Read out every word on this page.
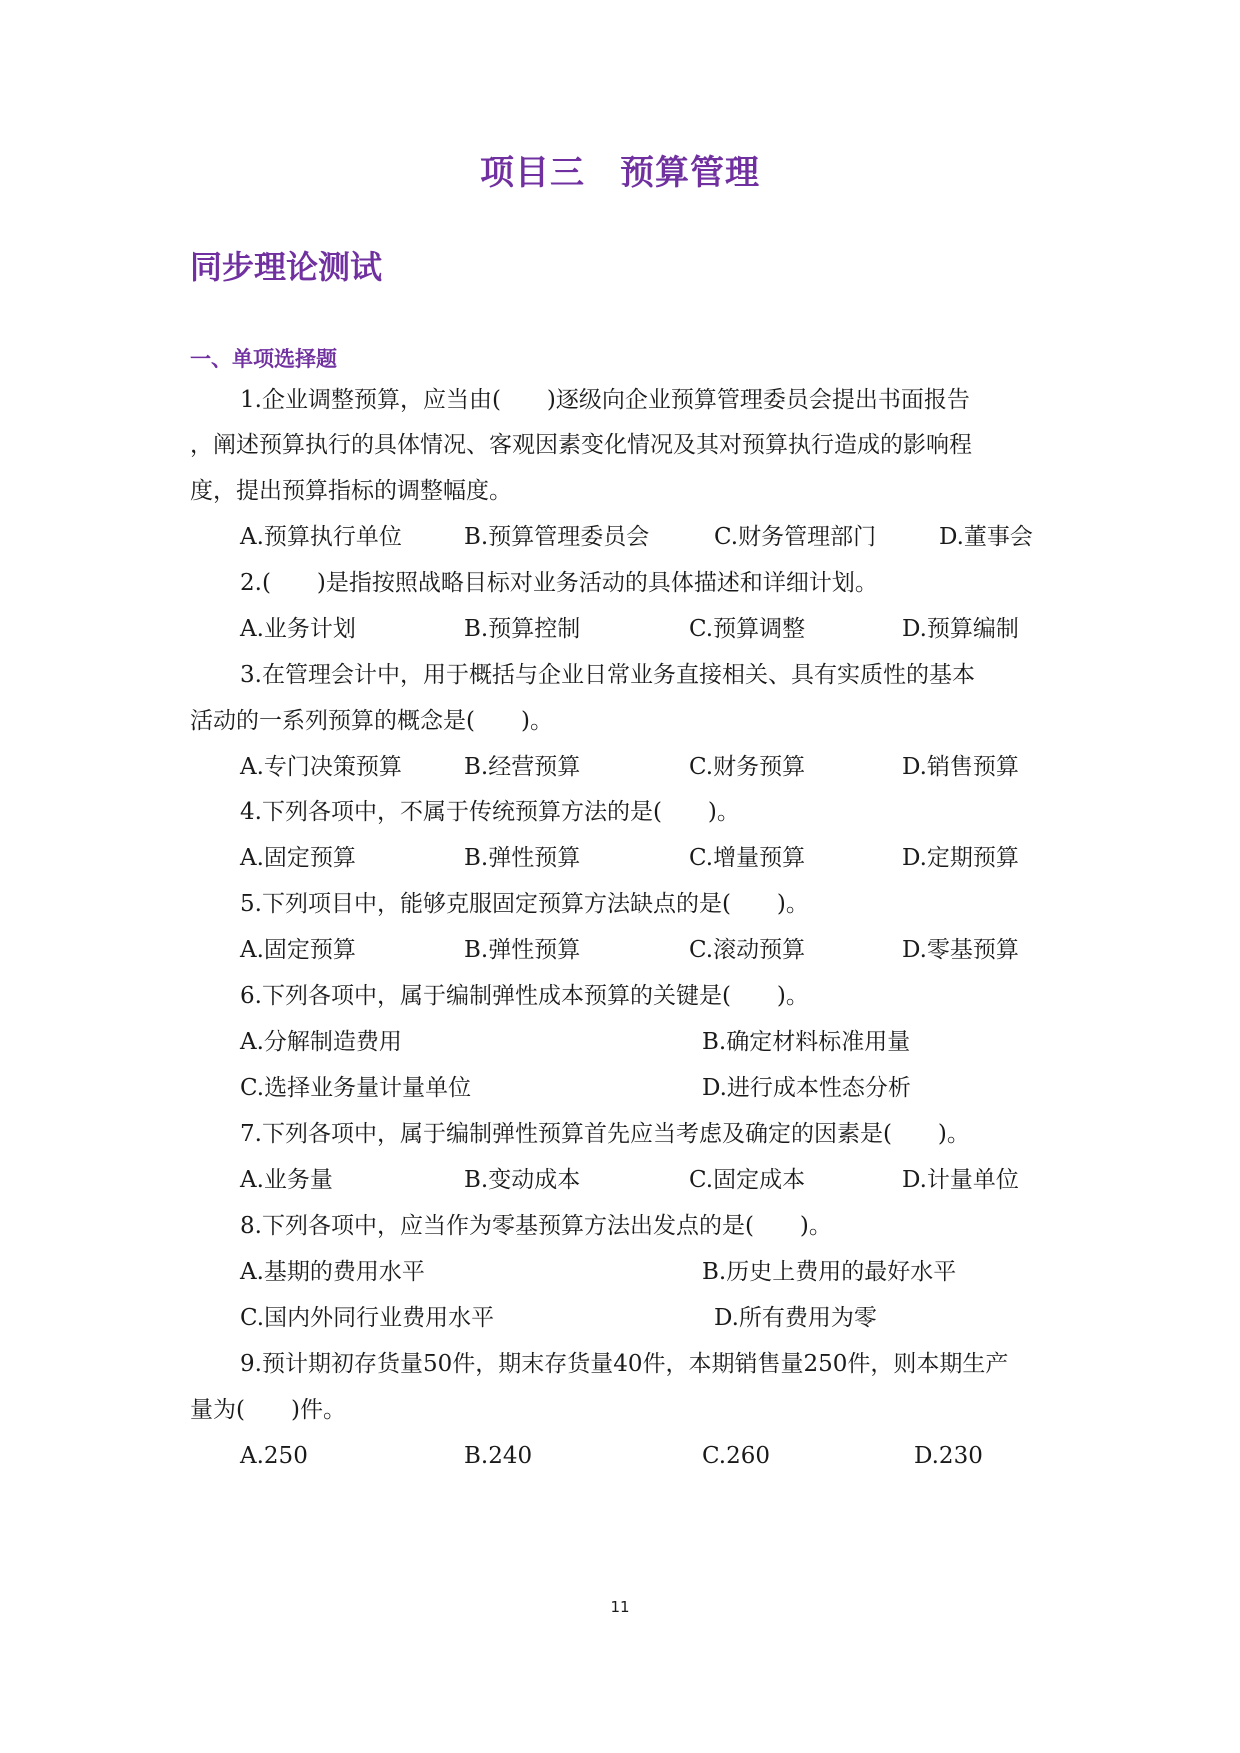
项目三　预算管理
同步理论测试
一、单项选择题
1.企业调整预算，应当由(　　)逐级向企业预算管理委员会提出书面报告
，阐述预算执行的具体情况、客观因素变化情况及其对预算执行造成的影响程
度，提出预算指标的调整幅度。
A.预算执行单位	B.预算管理委员会	C.财务管理部门	D.董事会
2.(　　)是指按照战略目标对业务活动的具体描述和详细计划。
A.业务计划	B.预算控制	C.预算调整	D.预算编制
3.在管理会计中，用于概括与企业日常业务直接相关、具有实质性的基本
活动的一系列预算的概念是(　　)。
A.专门决策预算	B.经营预算	C.财务预算	D.销售预算
4.下列各项中，不属于传统预算方法的是(　　)。
A.固定预算	B.弹性预算	C.增量预算	D.定期预算
5.下列项目中，能够克服固定预算方法缺点的是(　　)。
A.固定预算	B.弹性预算	C.滚动预算	D.零基预算
6.下列各项中，属于编制弹性成本预算的关键是(　　)。
A.分解制造费用	B.确定材料标准用量
C.选择业务量计量单位	D.进行成本性态分析
7.下列各项中，属于编制弹性预算首先应当考虑及确定的因素是(　　)。
A.业务量	B.变动成本	C.固定成本	D.计量单位
8.下列各项中，应当作为零基预算方法出发点的是(　　)。
A.基期的费用水平	B.历史上费用的最好水平
C.国内外同行业费用水平	D.所有费用为零
9.预计期初存货量50件，期末存货量40件，本期销售量250件，则本期生产
量为(　　)件。
A.250	B.240	C.260	D.230
11
